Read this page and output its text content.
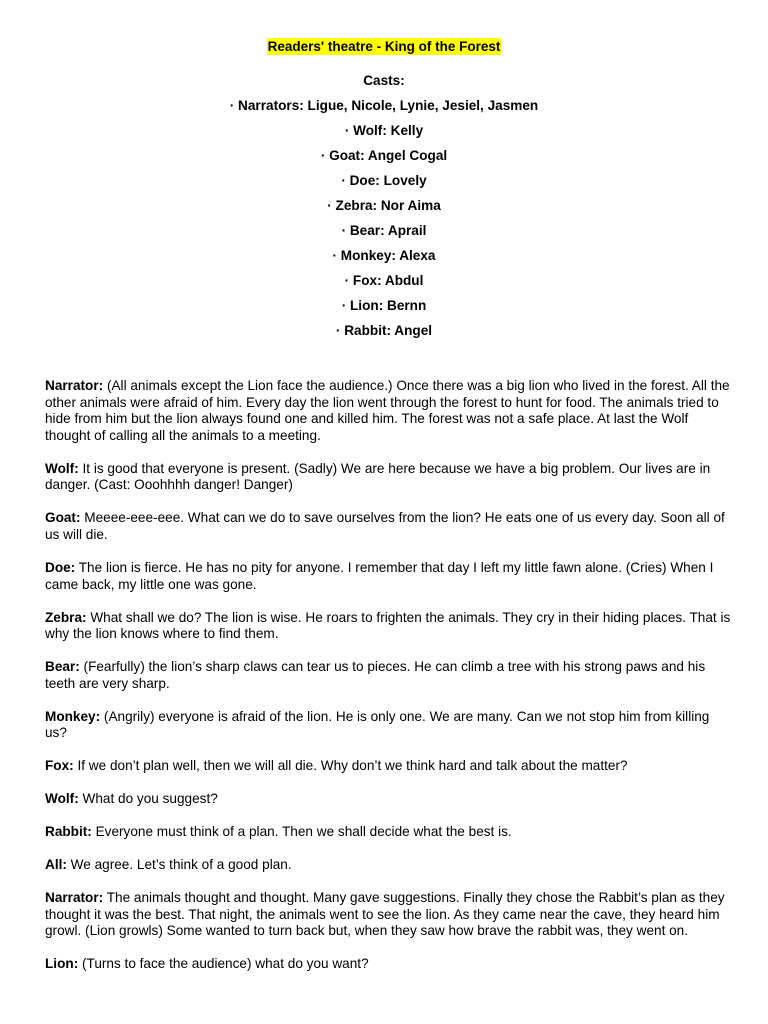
Readers' theatre - King of the Forest
Casts:
· Narrators: Ligue, Nicole, Lynie, Jesiel, Jasmen
· Wolf: Kelly
· Goat: Angel Cogal
· Doe: Lovely
· Zebra: Nor Aima
· Bear: Aprail
· Monkey: Alexa
· Fox: Abdul
· Lion: Bernn
· Rabbit: Angel

Narrator: (All animals except the Lion face the audience.) Once there was a big lion who lived in the forest. All the other animals were afraid of him. Every day the lion went through the forest to hunt for food. The animals tried to hide from him but the lion always found one and killed him. The forest was not a safe place. At last the Wolf thought of calling all the animals to a meeting.

Wolf: It is good that everyone is present. (Sadly) We are here because we have a big problem. Our lives are in danger. (Cast: Ooohhhh danger! Danger)

Goat: Meeee-eee-eee. What can we do to save ourselves from the lion? He eats one of us every day. Soon all of us will die.

Doe: The lion is fierce. He has no pity for anyone. I remember that day I left my little fawn alone. (Cries) When I came back, my little one was gone.

Zebra: What shall we do? The lion is wise. He roars to frighten the animals. They cry in their hiding places. That is why the lion knows where to find them.

Bear: (Fearfully) the lion’s sharp claws can tear us to pieces. He can climb a tree with his strong paws and his teeth are very sharp.

Monkey: (Angrily) everyone is afraid of the lion. He is only one. We are many. Can we not stop him from killing us?

Fox: If we don’t plan well, then we will all die. Why don’t we think hard and talk about the matter?

Wolf: What do you suggest?

Rabbit: Everyone must think of a plan. Then we shall decide what the best is.

All: We agree. Let’s think of a good plan.

Narrator: The animals thought and thought. Many gave suggestions. Finally they chose the Rabbit’s plan as they thought it was the best. That night, the animals went to see the lion. As they came near the cave, they heard him growl. (Lion growls) Some wanted to turn back but, when they saw how brave the rabbit was, they went on.

Lion: (Turns to face the audience) what do you want?
